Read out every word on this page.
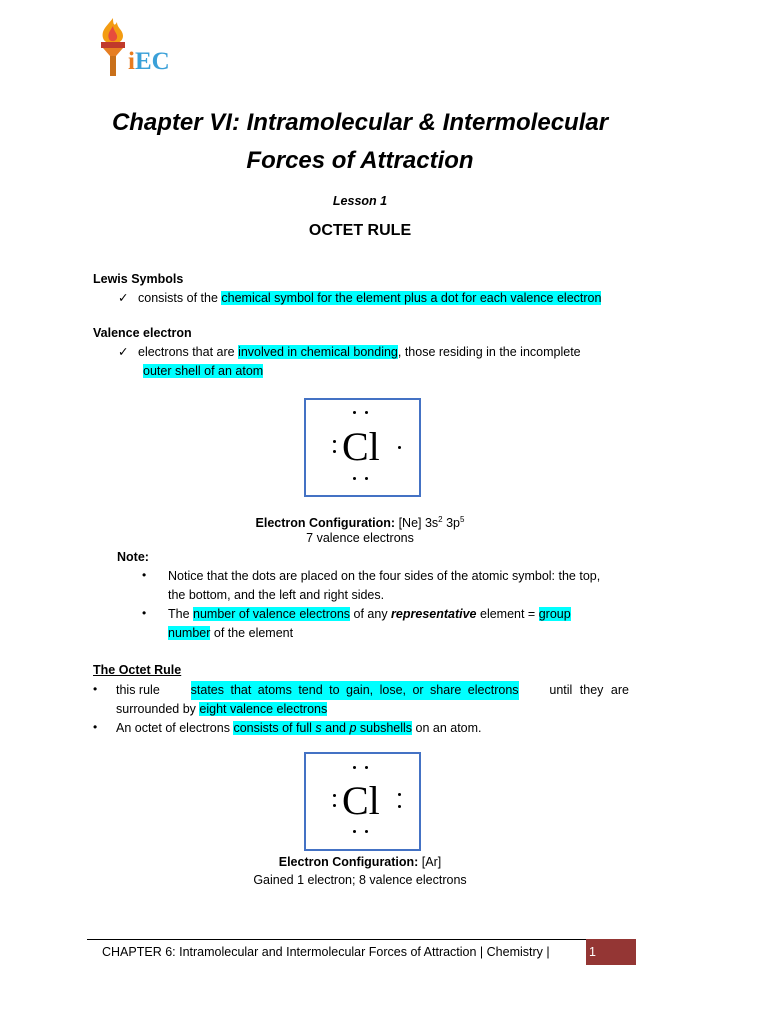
iEC
Chapter VI: Intramolecular & Intermolecular
Forces of Attraction
Lesson 1
OCTET RULE
Lewis Symbols
✓ consists of the chemical symbol for the element plus a dot for each valence electron
Valence electron
✓ electrons that are involved in chemical bonding, those residing in the incomplete
outer shell of an atom
Cl
Electron Configuration: [Ne] $3s^2$ $3p^5$
7 valence electrons
Note:
• Notice that the dots are placed on the four sides of the atomic symbol: the top,
the bottom, and the left and right sides.
• The number of valence electrons of any representative element = group
number of the element
The Octet Rule
• this rule states that atoms tend to gain, lose, or share electrons until they are
surrounded by eight valence electrons
• An octet of electrons consists of full s and p subshells on an atom.
Cl
Electron Configuration: [Ar]
Gained 1 electron; 8 valence electrons
CHAPTER 6: Intramolecular and Intermolecular Forces of Attraction | Chemistry |	1
